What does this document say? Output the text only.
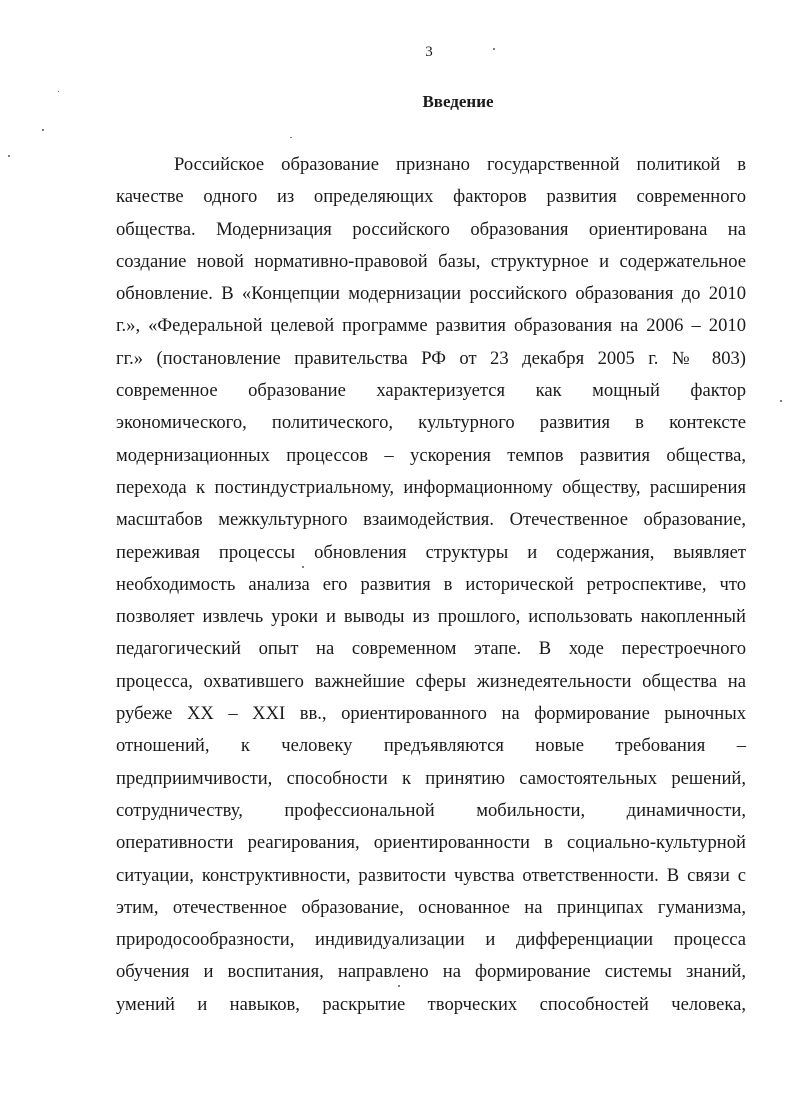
3
Введение
Российское образование признано государственной политикой в
качестве одного из определяющих факторов развития современного
общества. Модернизация российского образования ориентирована на
создание новой нормативно-правовой базы, структурное и содержательное
обновление. В «Концепции модернизации российского образования до 2010
г.», «Федеральной целевой программе развития образования на 2006 – 2010
гг.» (постановление правительства РФ от 23 декабря 2005 г. № 803)
современное образование характеризуется как мощный фактор
экономического, политического, культурного развития в контексте
модернизационных процессов – ускорения темпов развития общества,
перехода к постиндустриальному, информационному обществу, расширения
масштабов межкультурного взаимодействия. Отечественное образование,
переживая процессы обновления структуры и содержания, выявляет
необходимость анализа его развития в исторической ретроспективе, что
позволяет извлечь уроки и выводы из прошлого, использовать накопленный
педагогический опыт на современном этапе. В ходе перестроечного
процесса, охватившего важнейшие сферы жизнедеятельности общества на
рубеже XX – XXI вв., ориентированного на формирование рыночных
отношений, к человеку предъявляются новые требования –
предприимчивости, способности к принятию самостоятельных решений,
сотрудничеству, профессиональной мобильности, динамичности,
оперативности реагирования, ориентированности в социально-культурной
ситуации, конструктивности, развитости чувства ответственности. В связи с
этим, отечественное образование, основанное на принципах гуманизма,
природосообразности, индивидуализации и дифференциации процесса
обучения и воспитания, направлено на формирование системы знаний,
умений и навыков, раскрытие творческих способностей человека,
